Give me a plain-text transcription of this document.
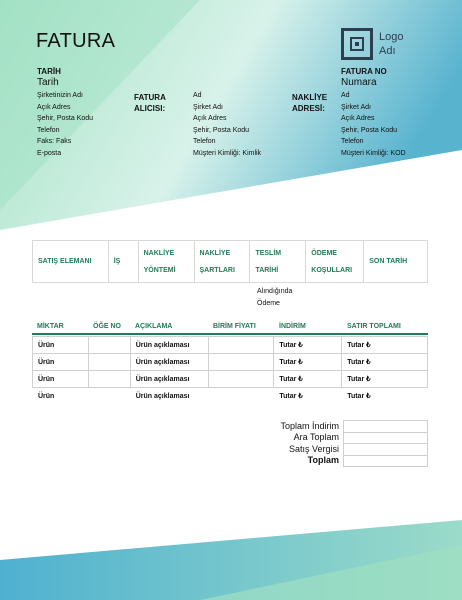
FATURA	Logo
Adı
TARİH
Tarih
FATURA NO
Numara
Şirketinizin Adı
Açık Adres
Şehir, Posta Kodu
Telefon
Faks: Faks
E-posta
FATURA
ALICISI:
Ad
Şirket Adı
Açık Adres
Şehir, Posta Kodu
Telefon
Müşteri Kimliği: Kimlik
NAKLİYE
ADRESİ:
Ad
Şirket Adı
Açık Adres
Şehir, Posta Kodu
Telefon
Müşteri Kimliği: KOD
SATIŞ ELEMANI	İŞ	NAKLİYE YÖNTEMİ	NAKLİYE ŞARTLARI	TESLİM TARİHİ	ÖDEME KOŞULLARI	SON TARİH
Alındığında
Ödeme
MİKTAR	ÖĞE NO	AÇIKLAMA	BİRİM FİYATI	İNDİRİM	SATIR TOPLAMI
Ürün		Ürün açıklaması		Tutar ₺	Tutar ₺
Ürün		Ürün açıklaması		Tutar ₺	Tutar ₺
Ürün		Ürün açıklaması		Tutar ₺	Tutar ₺
Ürün		Ürün açıklaması		Tutar ₺	Tutar ₺
Toplam İndirim	
Ara Toplam	
Satış Vergisi	
Toplam	
